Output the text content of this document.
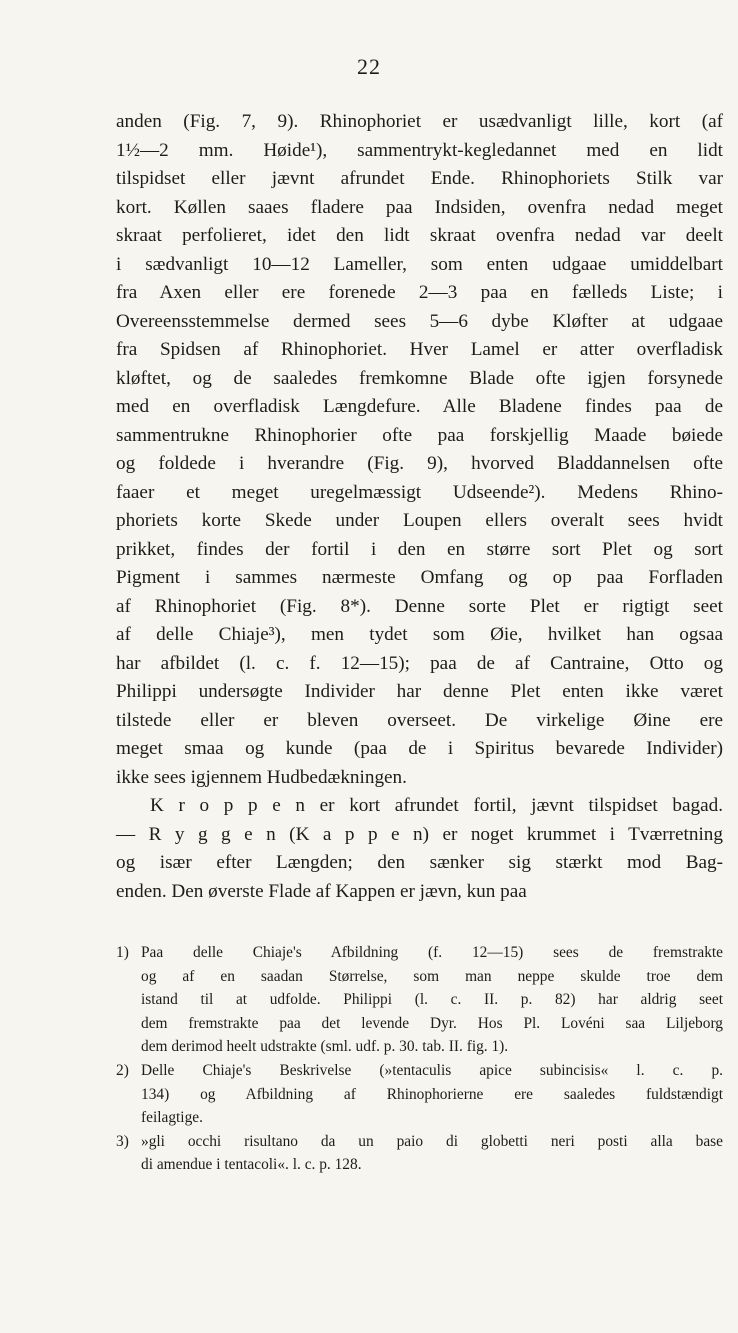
22
anden (Fig. 7, 9). Rhinophoriet er usædvanligt lille, kort (af
1½—2 mm. Høide¹), sammentrykt-kegledannet med en lidt
tilspidset eller jævnt afrundet Ende. Rhinophoriets Stilk var
kort. Køllen saaes fladere paa Indsiden, ovenfra nedad meget
skraat perfolieret, idet den lidt skraat ovenfra nedad var deelt
i sædvanligt 10—12 Lameller, som enten udgaae umiddelbart
fra Axen eller ere forenede 2—3 paa en fælleds Liste; i
Overeensstemmelse dermed sees 5—6 dybe Kløfter at udgaae
fra Spidsen af Rhinophoriet. Hver Lamel er atter overfladisk
kløftet, og de saaledes fremkomne Blade ofte igjen forsynede
med en overfladisk Længdefure. Alle Bladene findes paa de
sammentrukne Rhinophorier ofte paa forskjellig Maade bøiede
og foldede i hverandre (Fig. 9), hvorved Bladdannelsen ofte
faaer et meget uregelmæssigt Udseende²). Medens Rhino-
phoriets korte Skede under Loupen ellers overalt sees hvidt
prikket, findes der fortil i den en større sort Plet og sort
Pigment i sammes nærmeste Omfang og op paa Forfladen
af Rhinophoriet (Fig. 8*). Denne sorte Plet er rigtigt seet
af delle Chiaje³), men tydet som Øie, hvilket han ogsaa
har afbildet (l. c. f. 12—15); paa de af Cantraine, Otto og
Philippi undersøgte Individer har denne Plet enten ikke været
tilstede eller er bleven overseet. De virkelige Øine ere
meget smaa og kunde (paa de i Spiritus bevarede Individer)
ikke sees igjennem Hudbedækningen.
K r o p p e n er kort afrundet fortil, jævnt tilspidset bagad.
— R y g g e n (K a p p e n) er noget krummet i Tværretning
og især efter Længden; den sænker sig stærkt mod Bag-
enden. Den øverste Flade af Kappen er jævn, kun paa
1) Paa delle Chiaje's Afbildning (f. 12—15) sees de fremstrakte
og af en saadan Størrelse, som man neppe skulde troe dem
istand til at udfolde. Philippi (l. c. II. p. 82) har aldrig seet
dem fremstrakte paa det levende Dyr. Hos Pl. Lovéni saa Liljeborg
dem derimod heelt udstrakte (sml. udf. p. 30. tab. II. fig. 1).
2) Delle Chiaje's Beskrivelse (»tentaculis apice subincisis« l. c. p.
134) og Afbildning af Rhinophorierne ere saaledes fuldstændigt
feilagtige.
3) »gli occhi risultano da un paio di globetti neri posti alla base
di amendue i tentacoli«. l. c. p. 128.
